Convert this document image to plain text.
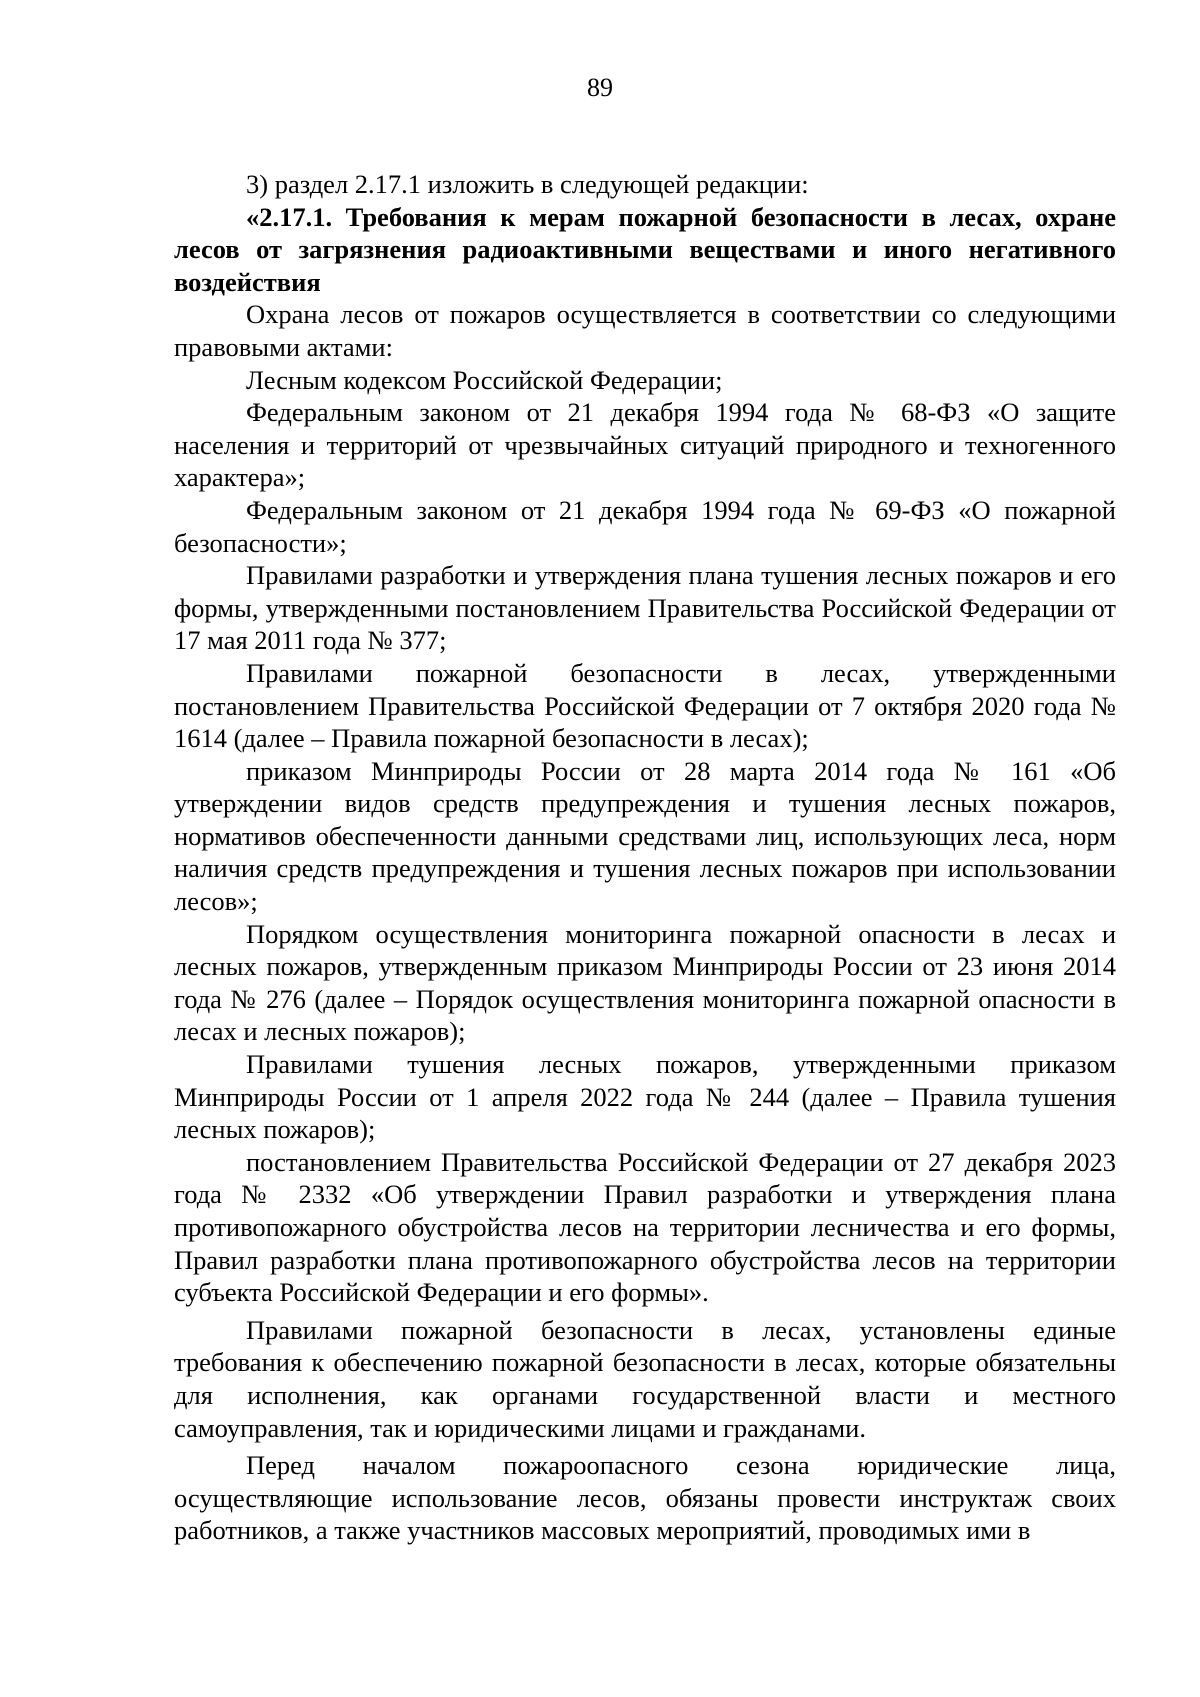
89

3) раздел 2.17.1 изложить в следующей редакции:

«2.17.1. Требования к мерам пожарной безопасности в лесах, охране лесов от загрязнения радиоактивными веществами и иного негативного воздействия

Охрана лесов от пожаров осуществляется в соответствии со следующими правовыми актами:

Лесным кодексом Российской Федерации;

Федеральным законом от 21 декабря 1994 года № 68-ФЗ «О защите населения и территорий от чрезвычайных ситуаций природного и техногенного характера»;

Федеральным законом от 21 декабря 1994 года № 69-ФЗ «О пожарной безопасности»;

Правилами разработки и утверждения плана тушения лесных пожаров и его формы, утвержденными постановлением Правительства Российской Федерации от 17 мая 2011 года № 377;

Правилами пожарной безопасности в лесах, утвержденными постановлением Правительства Российской Федерации от 7 октября 2020 года № 1614 (далее – Правила пожарной безопасности в лесах);

приказом Минприроды России от 28 марта 2014 года № 161 «Об утверждении видов средств предупреждения и тушения лесных пожаров, нормативов обеспеченности данными средствами лиц, использующих леса, норм наличия средств предупреждения и тушения лесных пожаров при использовании лесов»;

Порядком осуществления мониторинга пожарной опасности в лесах и лесных пожаров, утвержденным приказом Минприроды России от 23 июня 2014 года № 276 (далее – Порядок осуществления мониторинга пожарной опасности в лесах и лесных пожаров);

Правилами тушения лесных пожаров, утвержденными приказом Минприроды России от 1 апреля 2022 года № 244 (далее – Правила тушения лесных пожаров);

постановлением Правительства Российской Федерации от 27 декабря 2023 года № 2332 «Об утверждении Правил разработки и утверждения плана противопожарного обустройства лесов на территории лесничества и его формы, Правил разработки плана противопожарного обустройства лесов на территории субъекта Российской Федерации и его формы».

Правилами пожарной безопасности в лесах, установлены единые требования к обеспечению пожарной безопасности в лесах, которые обязательны для исполнения, как органами государственной власти и местного самоуправления, так и юридическими лицами и гражданами.

Перед началом пожароопасного сезона юридические лица, осуществляющие использование лесов, обязаны провести инструктаж своих работников, а также участников массовых мероприятий, проводимых ими в
